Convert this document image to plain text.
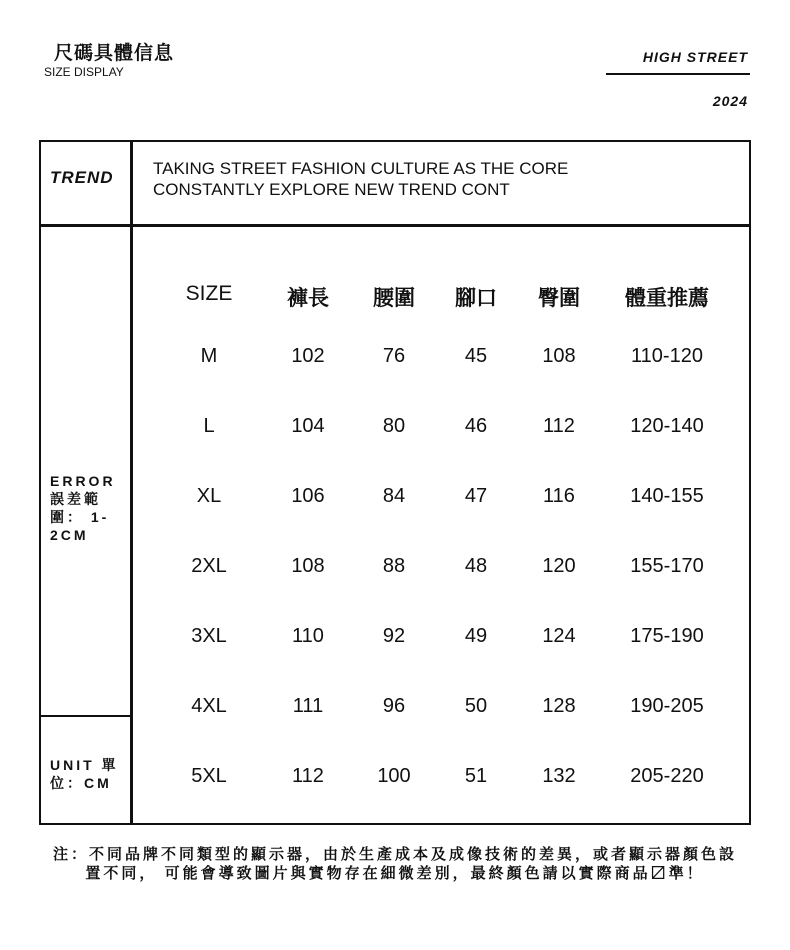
尺碼具體信息
SIZE DISPLAY
HIGH STREET
2024
TREND TAKING STREET FASHION CULTURE AS THE CORE
CONSTANTLY EXPLORE NEW TREND CONT
ERROR 誤差範圍： 1-2CM
UNIT 單位：CM
SIZE	褲長	腰圍	腳口	臀圍	體重推薦
M	102	76	45	108	110-120
L	104	80	46	112	120-140
XL	106	84	47	116	140-155
2XL	108	88	48	120	155-170
3XL	110	92	49	124	175-190
4XL	111	96	50	128	190-205
5XL	112	100	51	132	205-220
注：不同品牌不同類型的顯示器，由於生產成本及成像技術的差異，或者顯示器顏色設
置不同， 可能會導致圖片與實物存在細微差別，最終顏色請以實際商品〼準！
